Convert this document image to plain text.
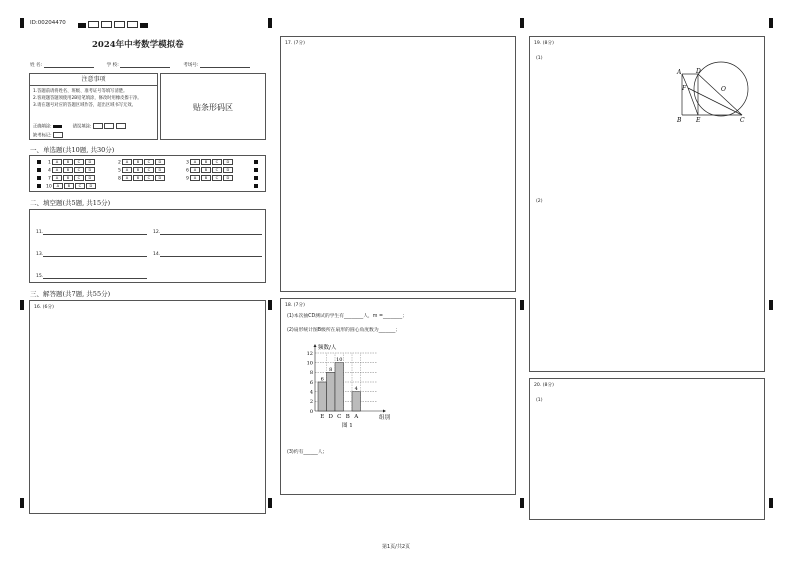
ID:00204470

2024年中考数学模拟卷
姓 名:	学 校:	考场号:
注意事项
1.答题前请将姓名、班级、准考证号等填写清楚。
2.客观题答题须使用2B铅笔填涂，修改时用橡皮擦干净。
3.请在题号对应的答题区域作答，超出区域书写无效。
正确填涂:	错误填涂:
缺考标记:
贴条形码区
一、单选题(共10题, 共30分)
1 A B C D	2 A B C D	3 A B C D
4 A B C D	5 A B C D	6 A B C D
7 A B C D	8 A B C D	9 A B C D
10 A B C D
二、填空题(共5题, 共15分)
11.	12.
13.	14.
15.
三、解答题(共7题, 共55分)
16. (6分)
17. (7分)
18. (7分)
(1)本次抽CD测试的学生有________人，m =________；
(2)扇形统计图B级所在扇形的圆心角度数为_______；
0
2
4
6
8
10
12
6
E
8
D
10
C B
4
A
频数/人
组别
图 1
(3)约有______人;
19. (8分)
(1)
(2)
A D
F	O
B E	C
20. (8分)
(1)
第1页/共2页
